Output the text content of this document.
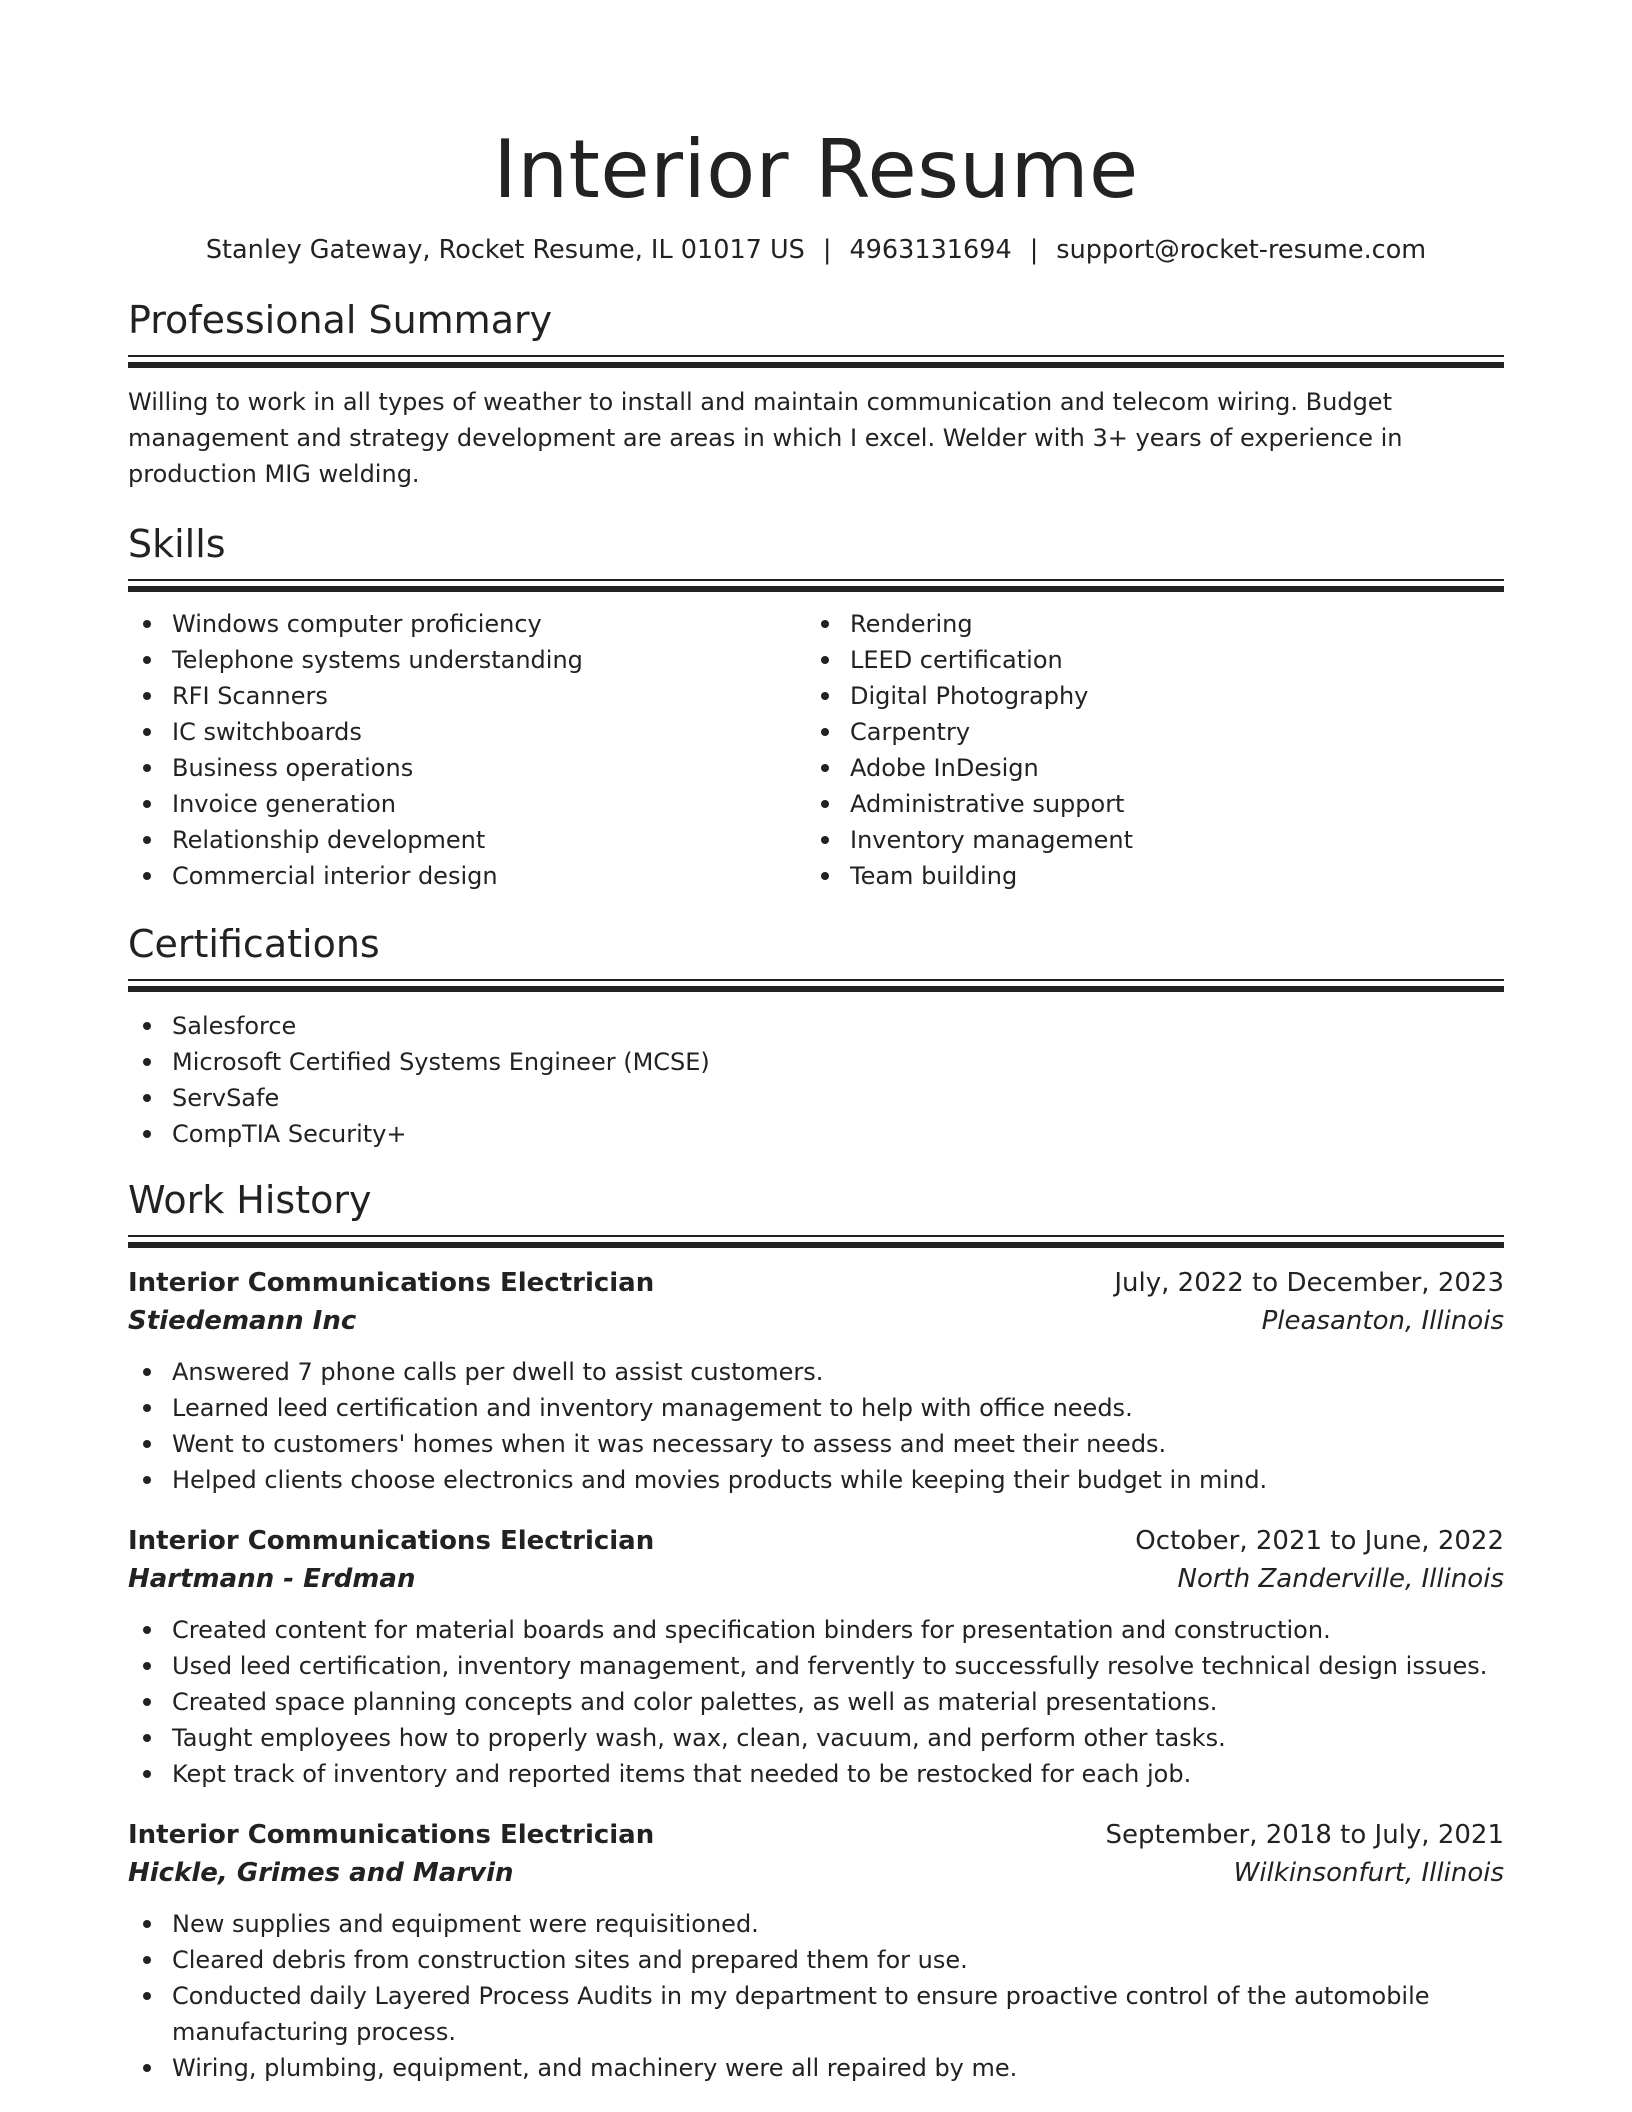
Interior Resume
Stanley Gateway, Rocket Resume, IL 01017 US | 4963131694 | support@rocket-resume.com
Professional Summary

Willing to work in all types of weather to install and maintain communication and telecom wiring. Budget management and strategy development are areas in which I excel. Welder with 3+ years of experience in production MIG welding.

Skills
Windows computer proficiency
Telephone systems understanding
RFI Scanners
IC switchboards
Business operations
Invoice generation
Relationship development
Commercial interior design
Rendering
LEED certification
Digital Photography
Carpentry
Adobe InDesign
Administrative support
Inventory management
Team building
Certifications
Salesforce
Microsoft Certified Systems Engineer (MCSE)
ServSafe
CompTIA Security+
Work History
Interior Communications Electrician	July, 2022 to December, 2023
Stiedemann Inc	Pleasanton, Illinois
Answered 7 phone calls per dwell to assist customers.
Learned leed certification and inventory management to help with office needs.
Went to customers' homes when it was necessary to assess and meet their needs.
Helped clients choose electronics and movies products while keeping their budget in mind.
Interior Communications Electrician	October, 2021 to June, 2022
Hartmann - Erdman	North Zanderville, Illinois
Created content for material boards and specification binders for presentation and construction.
Used leed certification, inventory management, and fervently to successfully resolve technical design issues.
Created space planning concepts and color palettes, as well as material presentations.
Taught employees how to properly wash, wax, clean, vacuum, and perform other tasks.
Kept track of inventory and reported items that needed to be restocked for each job.
Interior Communications Electrician	September, 2018 to July, 2021
Hickle, Grimes and Marvin	Wilkinsonfurt, Illinois
New supplies and equipment were requisitioned.
Cleared debris from construction sites and prepared them for use.
Conducted daily Layered Process Audits in my department to ensure proactive control of the automobile manufacturing process.
Wiring, plumbing, equipment, and machinery were all repaired by me.
